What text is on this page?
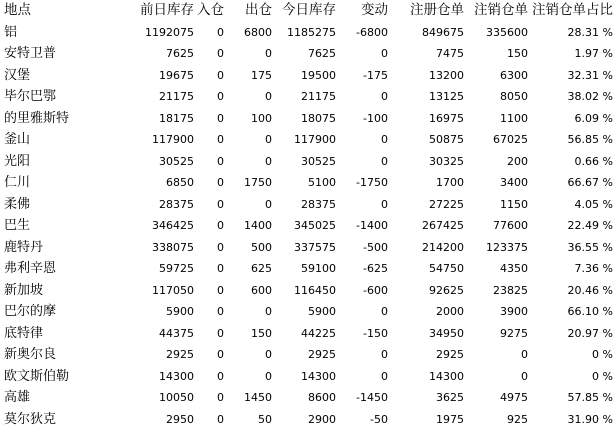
地点	前日库存	入仓	出仓	今日库存	变动	注册仓单	注销仓单	注销仓单占比
铝	1192075	0	6800	1185275	-6800	849675	335600	28.31 %
安特卫普	7625	0	0	7625	0	7475	150	1.97 %
汉堡	19675	0	175	19500	-175	13200	6300	32.31 %
毕尔巴鄂	21175	0	0	21175	0	13125	8050	38.02 %
的里雅斯特	18175	0	100	18075	-100	16975	1100	6.09 %
釜山	117900	0	0	117900	0	50875	67025	56.85 %
光阳	30525	0	0	30525	0	30325	200	0.66 %
仁川	6850	0	1750	5100	-1750	1700	3400	66.67 %
柔佛	28375	0	0	28375	0	27225	1150	4.05 %
巴生	346425	0	1400	345025	-1400	267425	77600	22.49 %
鹿特丹	338075	0	500	337575	-500	214200	123375	36.55 %
弗利辛恩	59725	0	625	59100	-625	54750	4350	7.36 %
新加坡	117050	0	600	116450	-600	92625	23825	20.46 %
巴尔的摩	5900	0	0	5900	0	2000	3900	66.10 %
底特律	44375	0	150	44225	-150	34950	9275	20.97 %
新奥尔良	2925	0	0	2925	0	2925	0	0 %
欧文斯伯勒	14300	0	0	14300	0	14300	0	0 %
高雄	10050	0	1450	8600	-1450	3625	4975	57.85 %
莫尔狄克	2950	0	50	2900	-50	1975	925	31.90 %
